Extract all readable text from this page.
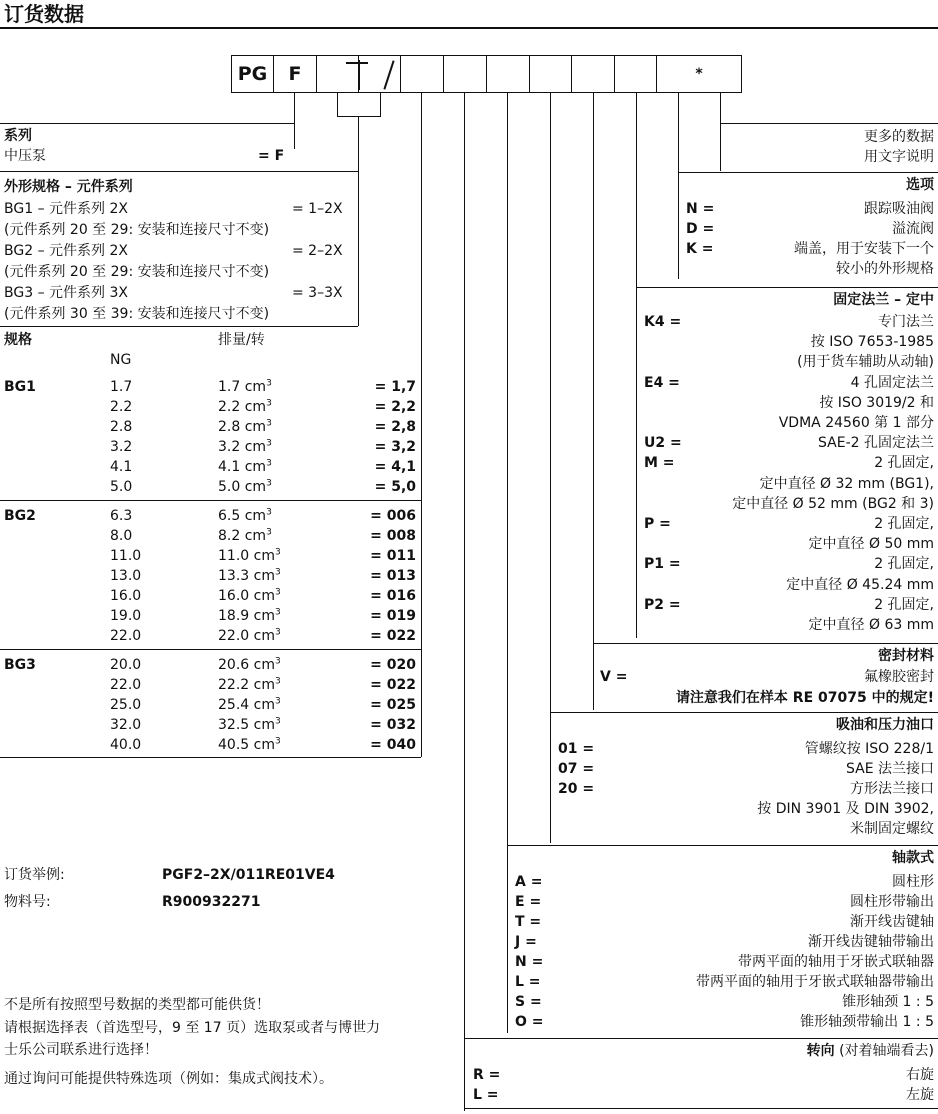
订货数据
PG	F	*
系列
中压泵	= F
外形规格 – 元件系列
BG1 – 元件系列 2X	= 1–2X
(元件系列 20 至 29: 安装和连接尺寸不变)
BG2 – 元件系列 2X	= 2–2X
(元件系列 20 至 29: 安装和连接尺寸不变)
BG3 – 元件系列 3X	= 3–3X
(元件系列 30 至 39: 安装和连接尺寸不变)
规格	排量/转
NG
BG1	1.7	1.7 $cm^3$	= 1,7
2.2	2.2 $cm^3$	= 2,2
2.8	2.8 $cm^3$	= 2,8
3.2	3.2 $cm^3$	= 3,2
4.1	4.1 $cm^3$	= 4,1
5.0	5.0 $cm^3$	= 5,0
BG2	6.3	6.5 $cm^3$	= 006
8.0	8.2 $cm^3$	= 008
11.0	11.0 $cm^3$	= 011
13.0	13.3 $cm^3$	= 013
16.0	16.0 $cm^3$	= 016
19.0	18.9 $cm^3$	= 019
22.0	22.0 $cm^3$	= 022
BG3	20.0	20.6 $cm^3$	= 020
22.0	22.2 $cm^3$	= 022
25.0	25.4 $cm^3$	= 025
32.0	32.5 $cm^3$	= 032
40.0	40.5 $cm^3$	= 040
订货举例:	PGF2–2X/011RE01VE4
物料号:	R900932271
不是所有按照型号数据的类型都可能供货！
请根据选择表（首选型号，9 至 17 页）选取泵或者与博世力
士乐公司联系进行选择！
通过询问可能提供特殊选项（例如：集成式阀技术）。
更多的数据
用文字说明
选项
N =	跟踪吸油阀
D =	溢流阀
K =	端盖，用于安装下一个
较小的外形规格
固定法兰 – 定中
K4 =	专门法兰
按 ISO 7653-1985
(用于货车辅助从动轴)
E4 =	4 孔固定法兰
按 ISO 3019/2 和
VDMA 24560 第 1 部分
U2 =	SAE-2 孔固定法兰
M =	2 孔固定,
定中直径 Ø 32 mm (BG1),
定中直径 Ø 52 mm (BG2 和 3)
P =	2 孔固定,
定中直径 Ø 50 mm
P1 =	2 孔固定,
定中直径 Ø 45.24 mm
P2 =	2 孔固定,
定中直径 Ø 63 mm
密封材料
V =	氟橡胶密封
请注意我们在样本 RE 07075 中的规定!
吸油和压力油口
01 =	管螺纹按 ISO 228/1
07 =	SAE 法兰接口
20 =	方形法兰接口
按 DIN 3901 及 DIN 3902,
米制固定螺纹
轴款式
A =	圆柱形
E =	圆柱形带输出
T =	渐开线齿键轴
J =	渐开线齿键轴带输出
N =	带两平面的轴用于牙嵌式联轴器
L =	带两平面的轴用于牙嵌式联轴器带输出
S =	锥形轴颈 1 : 5
O =	锥形轴颈带输出 1 : 5
转向 (对着轴端看去)
R =	右旋
L =	左旋
